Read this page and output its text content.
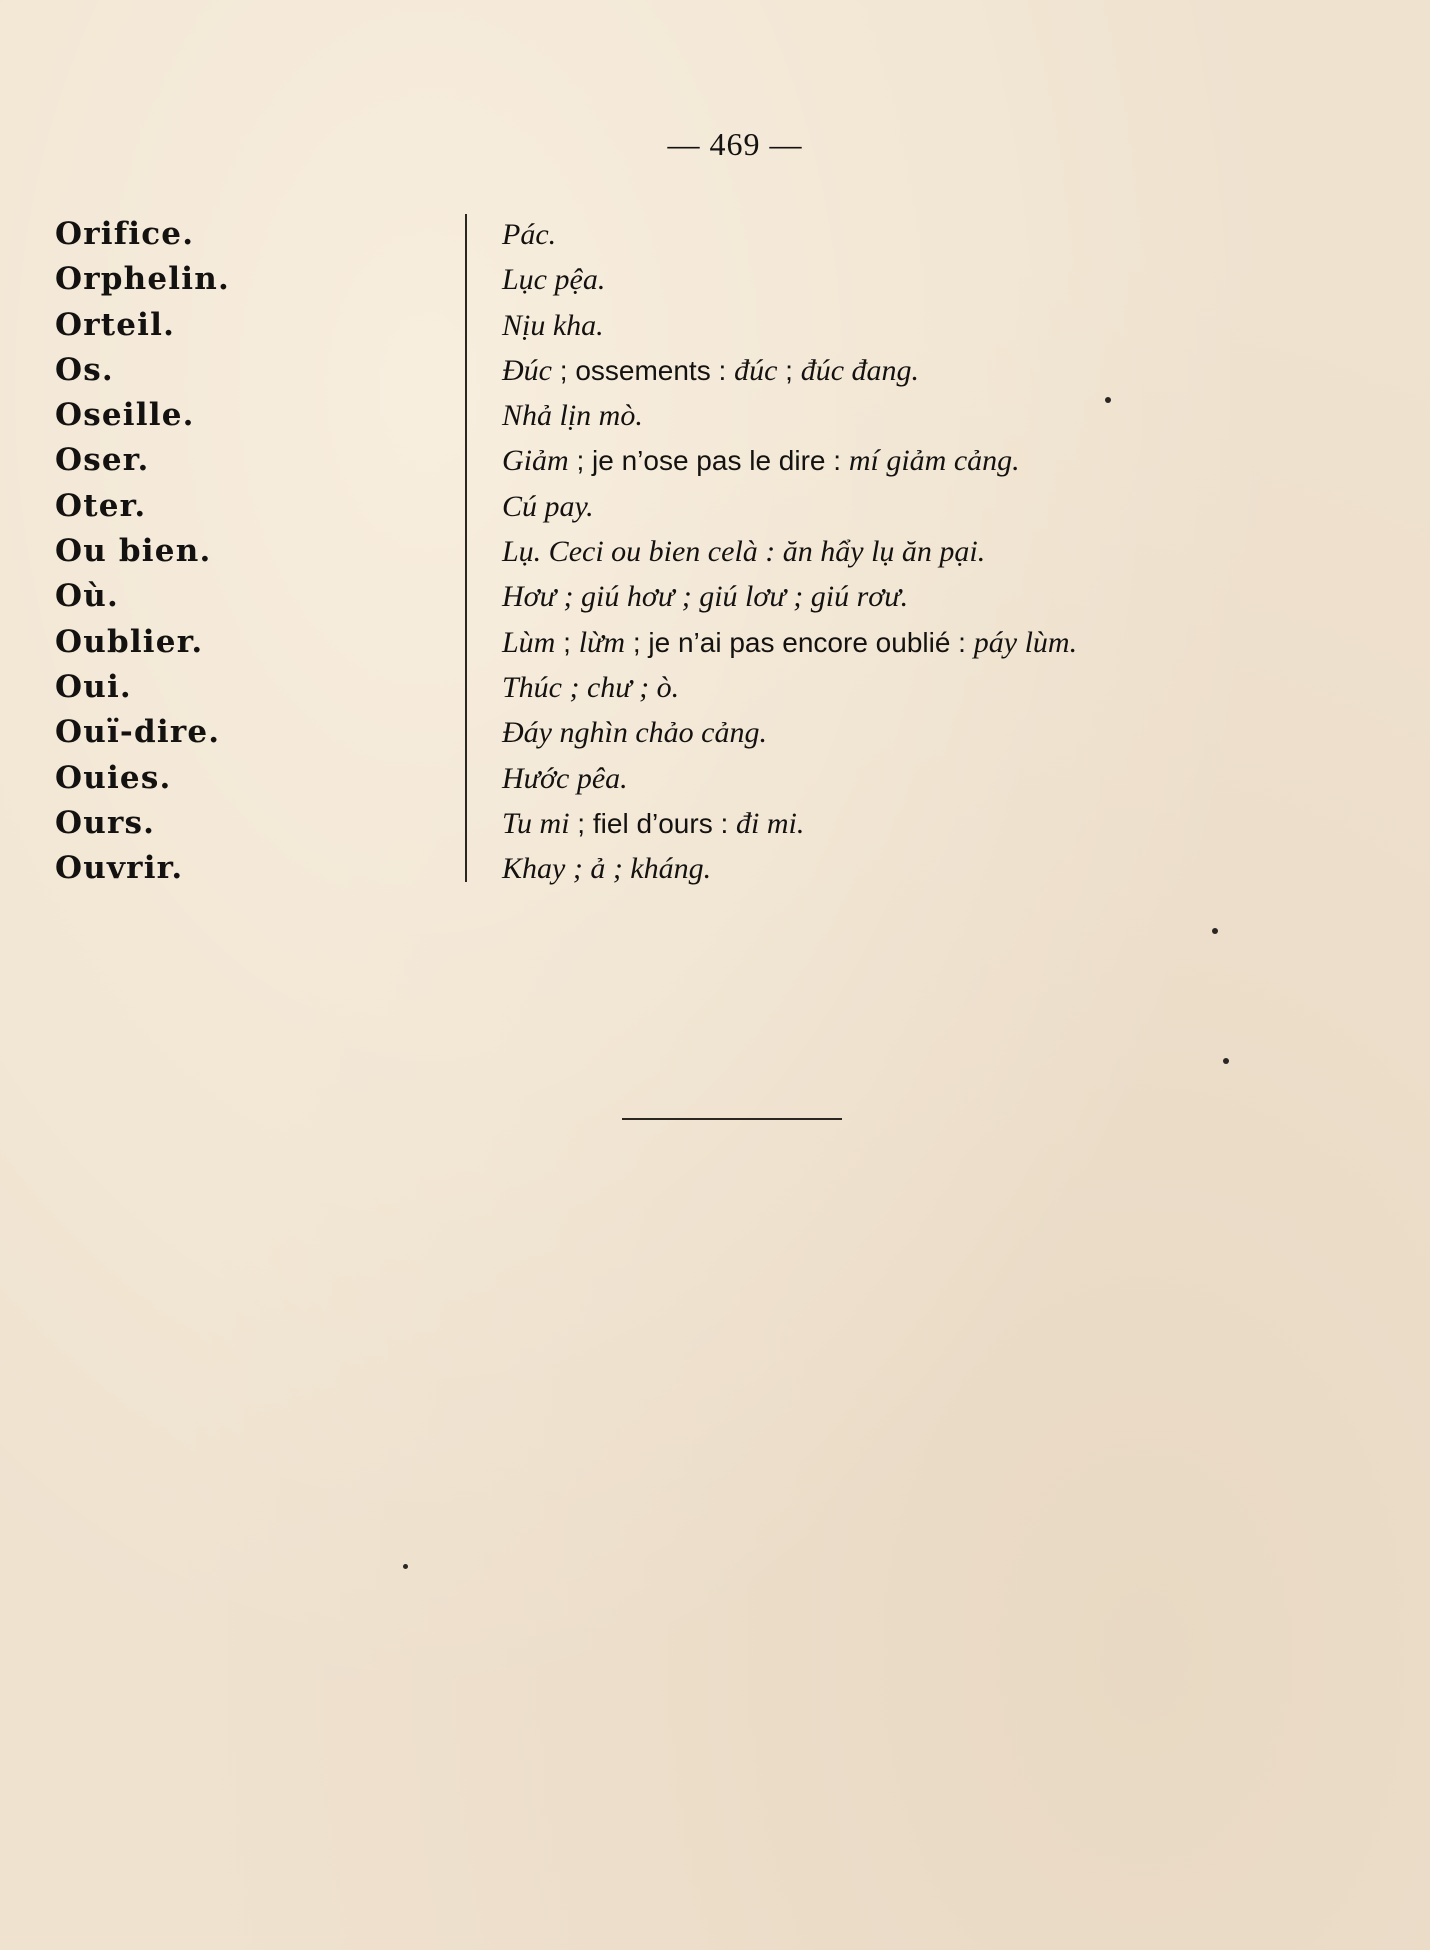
— 469 —
Orifice.	Pác.
Orphelin.	Lục pệa.
Orteil.	Nịu kha.
Os.	Đúc ; ossements : đúc ; đúc đang.
Oseille.	Nhả lịn mò.
Oser.	Giảm ; je n’ose pas le dire : mí giảm cảng.
Oter.	Cú pay.
Ou bien.	Lụ. Ceci ou bien celà : ăn hẩy lụ ăn pại.
Où.	Hơư ; giú hơư ; giú lơư ; giú rơư.
Oublier.	Lùm ; lừm ; je n’ai pas encore oublié : páy lùm.
Oui.	Thúc ; chư ; ò.
Ouï-dire.	Đáy nghìn chảo cảng.
Ouies.	Hước pêa.
Ours.	Tu mi ; fiel d’ours : đi mi.
Ouvrir.	Khay ; ả ; kháng.
